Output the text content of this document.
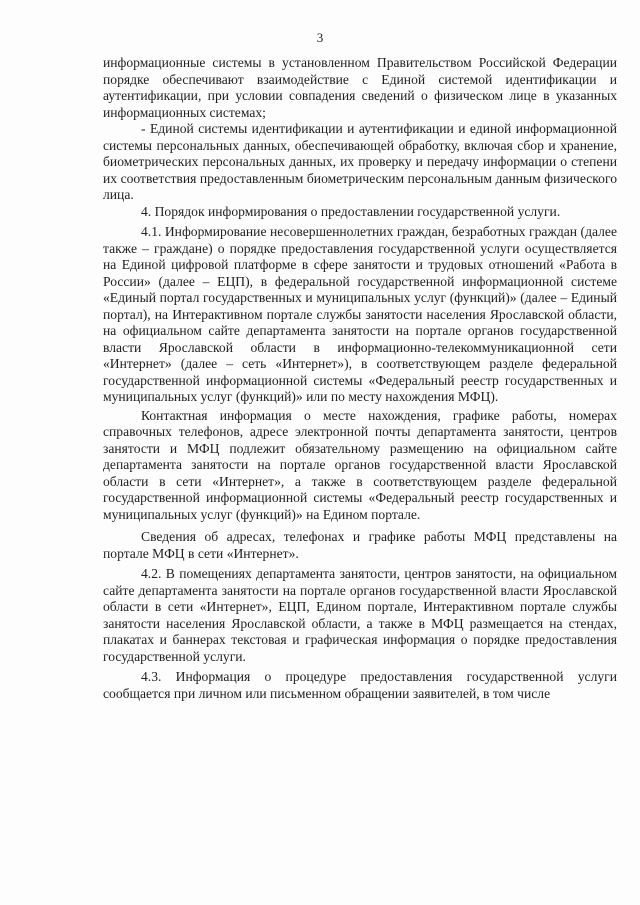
3

информационные системы в установленном Правительством Российской Федерации порядке обеспечивают взаимодействие с Единой системой идентификации и аутентификации, при условии совпадения сведений о физическом лице в указанных информационных системах;

- Единой системы идентификации и аутентификации и единой информационной системы персональных данных, обеспечивающей обработку, включая сбор и хранение, биометрических персональных данных, их проверку и передачу информации о степени их соответствия предоставленным биометрическим персональным данным физического лица.

4. Порядок информирования о предоставлении государственной услуги.

4.1. Информирование несовершеннолетних граждан, безработных граждан (далее также – граждане) о порядке предоставления государственной услуги осуществляется на Единой цифровой платформе в сфере занятости и трудовых отношений «Работа в России» (далее – ЕЦП), в федеральной государственной информационной системе «Единый портал государственных и муниципальных услуг (функций)» (далее – Единый портал), на Интерактивном портале службы занятости населения Ярославской области, на официальном сайте департамента занятости на портале органов государственной власти Ярославской области в информационно-телекоммуникационной сети «Интернет» (далее – сеть «Интернет»), в соответствующем разделе федеральной государственной информационной системы «Федеральный реестр государственных и муниципальных услуг (функций)» или по месту нахождения МФЦ).

Контактная информация о месте нахождения, графике работы, номерах справочных телефонов, адресе электронной почты департамента занятости, центров занятости и МФЦ подлежит обязательному размещению на официальном сайте департамента занятости на портале органов государственной власти Ярославской области в сети «Интернет», а также в соответствующем разделе федеральной государственной информационной системы «Федеральный реестр государственных и муниципальных услуг (функций)» на Едином портале.

Сведения об адресах, телефонах и графике работы МФЦ представлены на портале МФЦ в сети «Интернет».

4.2. В помещениях департамента занятости, центров занятости, на официальном сайте департамента занятости на портале органов государственной власти Ярославской области в сети «Интернет», ЕЦП, Едином портале, Интерактивном портале службы занятости населения Ярославской области, а также в МФЦ размещается на стендах, плакатах и баннерах текстовая и графическая информация о порядке предоставления государственной услуги.

4.3. Информация о процедуре предоставления государственной услуги сообщается при личном или письменном обращении заявителей, в том числе
